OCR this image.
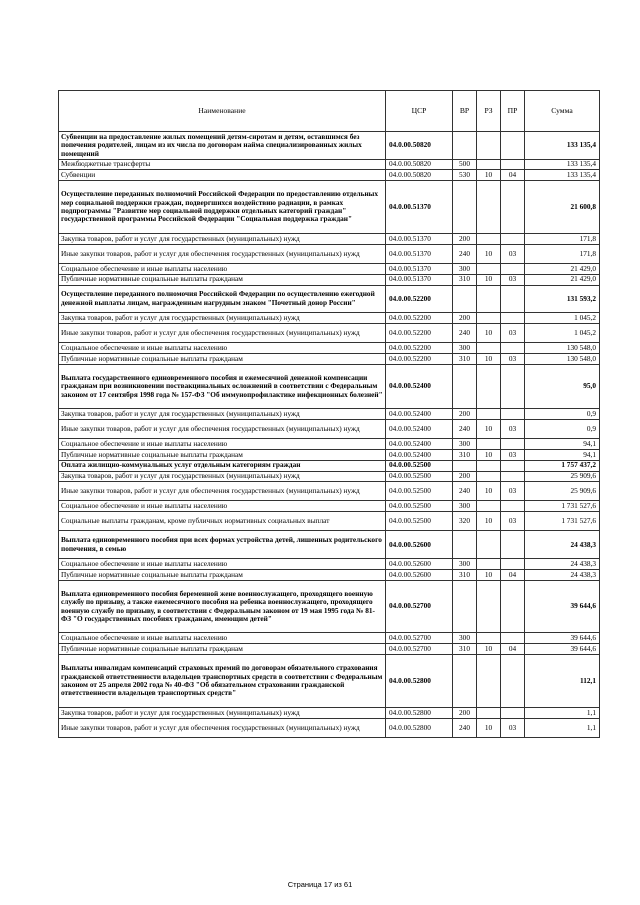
Наименование	ЦСР	ВР	РЗ	ПР	Сумма
Субвенции на предоставление жилых помещений детям-сиротам и детям, оставшимся без попечения родителей, лицам из их числа по договорам найма специализированных жилых помещений	04.0.00.50820				133 135,4
Межбюджетные трансферты	04.0.00.50820	500			133 135,4
Субвенции	04.0.00.50820	530	10	04	133 135,4
Осуществление переданных полномочий Российской Федерации по предоставлению отдельных мер социальной поддержки граждан, подвергшихся воздействию радиации, в рамках подпрограммы "Развитие мер социальной поддержки отдельных категорий граждан" государственной программы Российской Федерации "Социальная поддержка граждан"	04.0.00.51370				21 600,8
Закупка товаров, работ и услуг для государственных (муниципальных) нужд	04.0.00.51370	200			171,8
Иные закупки товаров, работ и услуг для обеспечения государственных (муниципальных) нужд	04.0.00.51370	240	10	03	171,8
Социальное обеспечение и иные выплаты населению	04.0.00.51370	300			21 429,0
Публичные нормативные социальные выплаты гражданам	04.0.00.51370	310	10	03	21 429,0
Осуществление переданного полномочия Российской Федерации по осуществлению ежегодной денежной выплаты лицам, награжденным нагрудным знаком "Почетный донор России"	04.0.00.52200				131 593,2
Закупка товаров, работ и услуг для государственных (муниципальных) нужд	04.0.00.52200	200			1 045,2
Иные закупки товаров, работ и услуг для обеспечения государственных (муниципальных) нужд	04.0.00.52200	240	10	03	1 045,2
Социальное обеспечение и иные выплаты населению	04.0.00.52200	300			130 548,0
Публичные нормативные социальные выплаты гражданам	04.0.00.52200	310	10	03	130 548,0
Выплата государственного единовременного пособия и ежемесячной денежной компенсации гражданам при возникновении поствакцинальных осложнений в соответствии с Федеральным законом от 17 сентября 1998 года № 157-ФЗ "Об иммунопрофилактике инфекционных болезней"	04.0.00.52400				95,0
Закупка товаров, работ и услуг для государственных (муниципальных) нужд	04.0.00.52400	200			0,9
Иные закупки товаров, работ и услуг для обеспечения государственных (муниципальных) нужд	04.0.00.52400	240	10	03	0,9
Социальное обеспечение и иные выплаты населению	04.0.00.52400	300			94,1
Публичные нормативные социальные выплаты гражданам	04.0.00.52400	310	10	03	94,1
Оплата жилищно-коммунальных услуг отдельным категориям граждан	04.0.00.52500				1 757 437,2
Закупка товаров, работ и услуг для государственных (муниципальных) нужд	04.0.00.52500	200			25 909,6
Иные закупки товаров, работ и услуг для обеспечения государственных (муниципальных) нужд	04.0.00.52500	240	10	03	25 909,6
Социальное обеспечение и иные выплаты населению	04.0.00.52500	300			1 731 527,6
Социальные выплаты гражданам, кроме публичных нормативных социальных выплат	04.0.00.52500	320	10	03	1 731 527,6
Выплата единовременного пособия при всех формах устройства детей, лишенных родительского попечения, в семью	04.0.00.52600				24 438,3
Социальное обеспечение и иные выплаты населению	04.0.00.52600	300			24 438,3
Публичные нормативные социальные выплаты гражданам	04.0.00.52600	310	10	04	24 438,3
Выплата единовременного пособия беременной жене военнослужащего, проходящего военную службу по призыву, а также ежемесячного пособия на ребенка военнослужащего, проходящего военную службу по призыву, в соответствии с Федеральным законом от 19 мая 1995 года № 81-ФЗ "О государственных пособиях гражданам, имеющим детей"	04.0.00.52700				39 644,6
Социальное обеспечение и иные выплаты населению	04.0.00.52700	300			39 644,6
Публичные нормативные социальные выплаты гражданам	04.0.00.52700	310	10	04	39 644,6
Выплаты инвалидам компенсаций страховых премий по договорам обязательного страхования гражданской ответственности владельцев транспортных средств в соответствии с Федеральным законом от 25 апреля 2002 года № 40-ФЗ "Об обязательном страховании гражданской ответственности владельцев транспортных средств"	04.0.00.52800				112,1
Закупка товаров, работ и услуг для государственных (муниципальных) нужд	04.0.00.52800	200			1,1
Иные закупки товаров, работ и услуг для обеспечения государственных (муниципальных) нужд	04.0.00.52800	240	10	03	1,1
Страница 17 из 61
